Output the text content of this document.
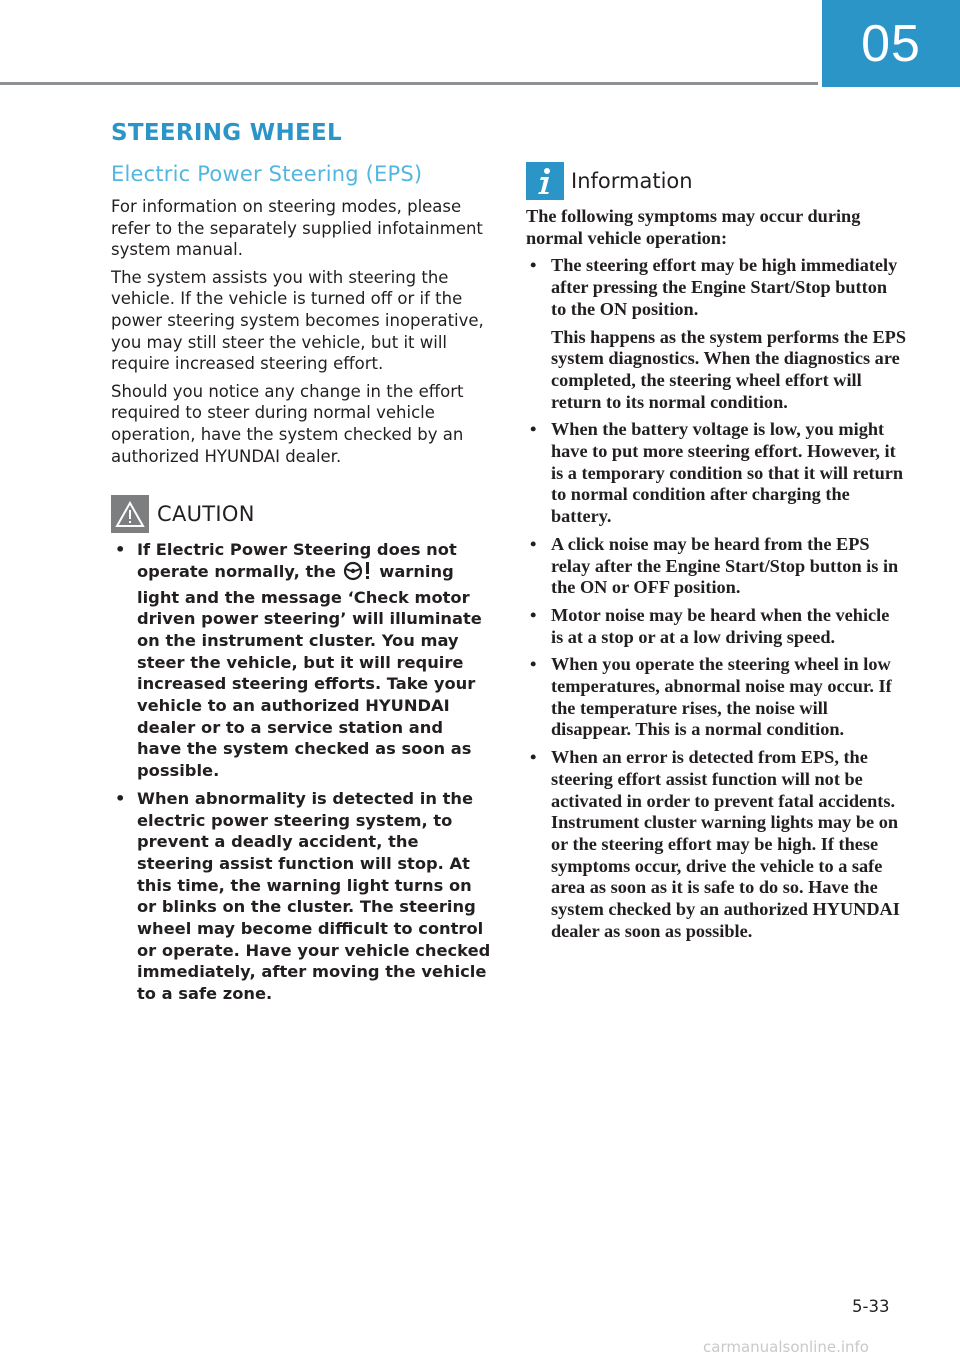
05
STEERING WHEEL
Electric Power Steering (EPS)

For information on steering modes, please refer to the separately supplied infotainment system manual.

The system assists you with steering the vehicle. If the vehicle is turned off or if the power steering system becomes inoperative, you may still steer the vehicle, but it will require increased steering effort.

Should you notice any change in the effort required to steer during normal vehicle operation, have the system checked by an authorized HYUNDAI dealer.

CAUTION
• If Electric Power Steering does not operate normally, the  warning light and the message ‘Check motor driven power steering’ will illuminate on the instrument cluster. You may steer the vehicle, but it will require increased steering efforts. Take your vehicle to an authorized HYUNDAI dealer or to a service station and have the system checked as soon as possible.
• When abnormality is detected in the electric power steering system, to prevent a deadly accident, the steering assist function will stop. At this time, the warning light turns on or blinks on the cluster. The steering wheel may become difficult to control or operate. Have your vehicle checked immediately, after moving the vehicle to a safe zone.
Information

The following symptoms may occur during normal vehicle operation:

• The steering effort may be high immediately after pressing the Engine Start/Stop button to the ON position.
This happens as the system performs the EPS system diagnostics. When the diagnostics are completed, the steering wheel effort will return to its normal condition.
• When the battery voltage is low, you might have to put more steering effort. However, it is a temporary condition so that it will return to normal condition after charging the battery.
• A click noise may be heard from the EPS relay after the Engine Start/Stop button is in the ON or OFF position.
• Motor noise may be heard when the vehicle is at a stop or at a low driving speed.
• When you operate the steering wheel in low temperatures, abnormal noise may occur. If the temperature rises, the noise will disappear. This is a normal condition.
• When an error is detected from EPS, the steering effort assist function will not be activated in order to prevent fatal accidents. Instrument cluster warning lights may be on or the steering effort may be high. If these symptoms occur, drive the vehicle to a safe area as soon as it is safe to do so. Have the system checked by an authorized HYUNDAI dealer as soon as possible.
5-33
carmanualsonline.info
